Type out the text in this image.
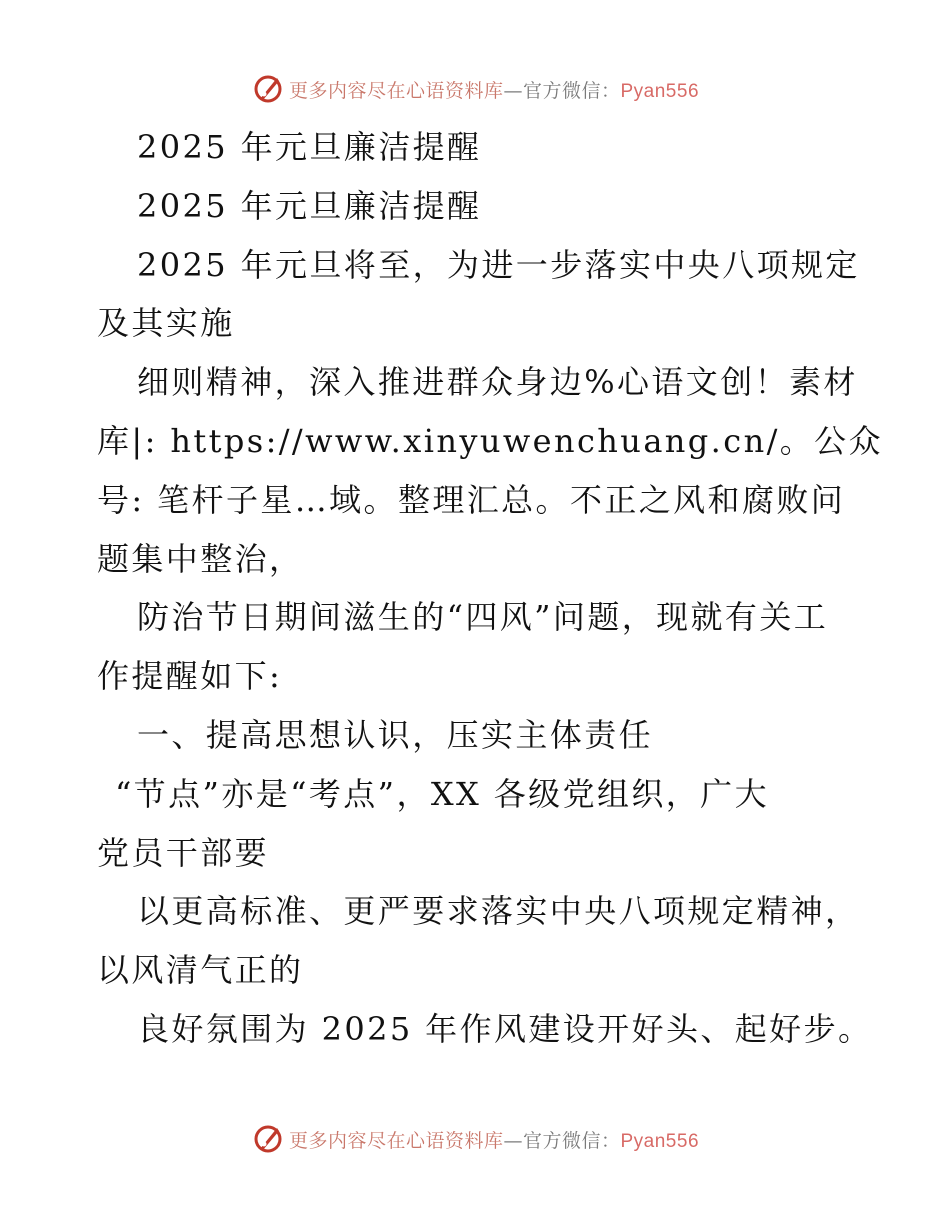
更多内容尽在心语资料库—官方微信：Pyan556
2025 年元旦廉洁提醒
2025 年元旦廉洁提醒
2025 年元旦将至，为进一步落实中央八项规定
及其实施
细则精神，深入推进群众身边%心语文创！素材
库|: https://www.xinyuwenchuang.cn/。公众
号: 笔杆子星…域。整理汇总。不正之风和腐败问
题集中整治，
防治节日期间滋生的“四风”问题，现就有关工
作提醒如下:
一、提高思想认识，压实主体责任
“节点”亦是“考点”，XX 各级党组织，广大
党员干部要
以更高标准、更严要求落实中央八项规定精神，
以风清气正的
良好氛围为 2025 年作风建设开好头、起好步。
更多内容尽在心语资料库—官方微信：Pyan556
